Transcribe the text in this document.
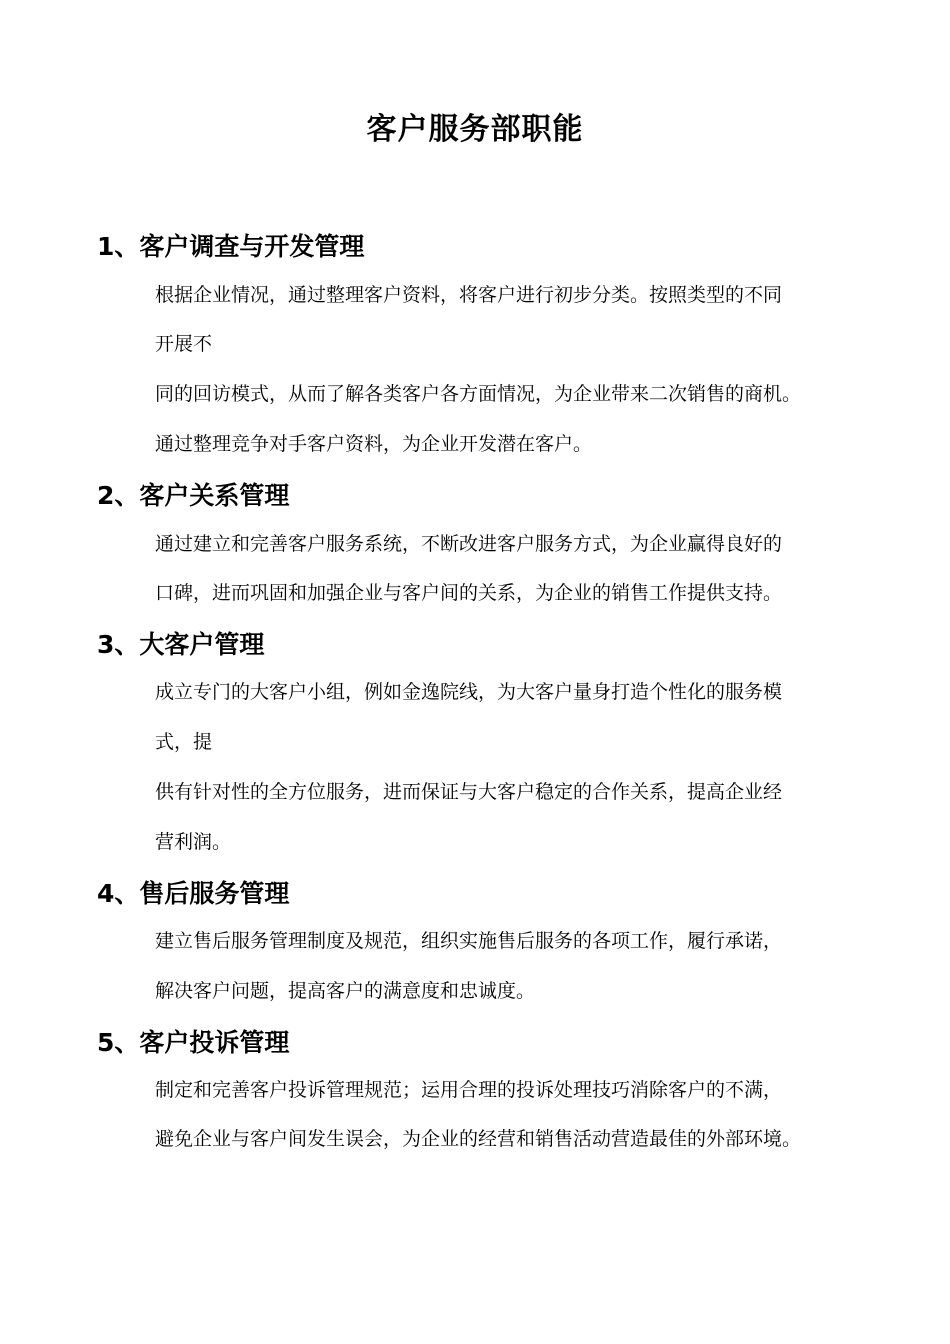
客户服务部职能
1、客户调查与开发管理
根据企业情况，通过整理客户资料，将客户进行初步分类。按照类型的不同
开展不
同的回访模式，从而了解各类客户各方面情况，为企业带来二次销售的商机。
通过整理竞争对手客户资料，为企业开发潜在客户。
2、客户关系管理
通过建立和完善客户服务系统，不断改进客户服务方式，为企业赢得良好的
口碑，进而巩固和加强企业与客户间的关系，为企业的销售工作提供支持。
3、大客户管理
成立专门的大客户小组，例如金逸院线，为大客户量身打造个性化的服务模
式，提
供有针对性的全方位服务，进而保证与大客户稳定的合作关系，提高企业经
营利润。
4、售后服务管理
建立售后服务管理制度及规范，组织实施售后服务的各项工作，履行承诺，
解决客户问题，提高客户的满意度和忠诚度。
5、客户投诉管理
制定和完善客户投诉管理规范；运用合理的投诉处理技巧消除客户的不满，
避免企业与客户间发生误会，为企业的经营和销售活动营造最佳的外部环境。
